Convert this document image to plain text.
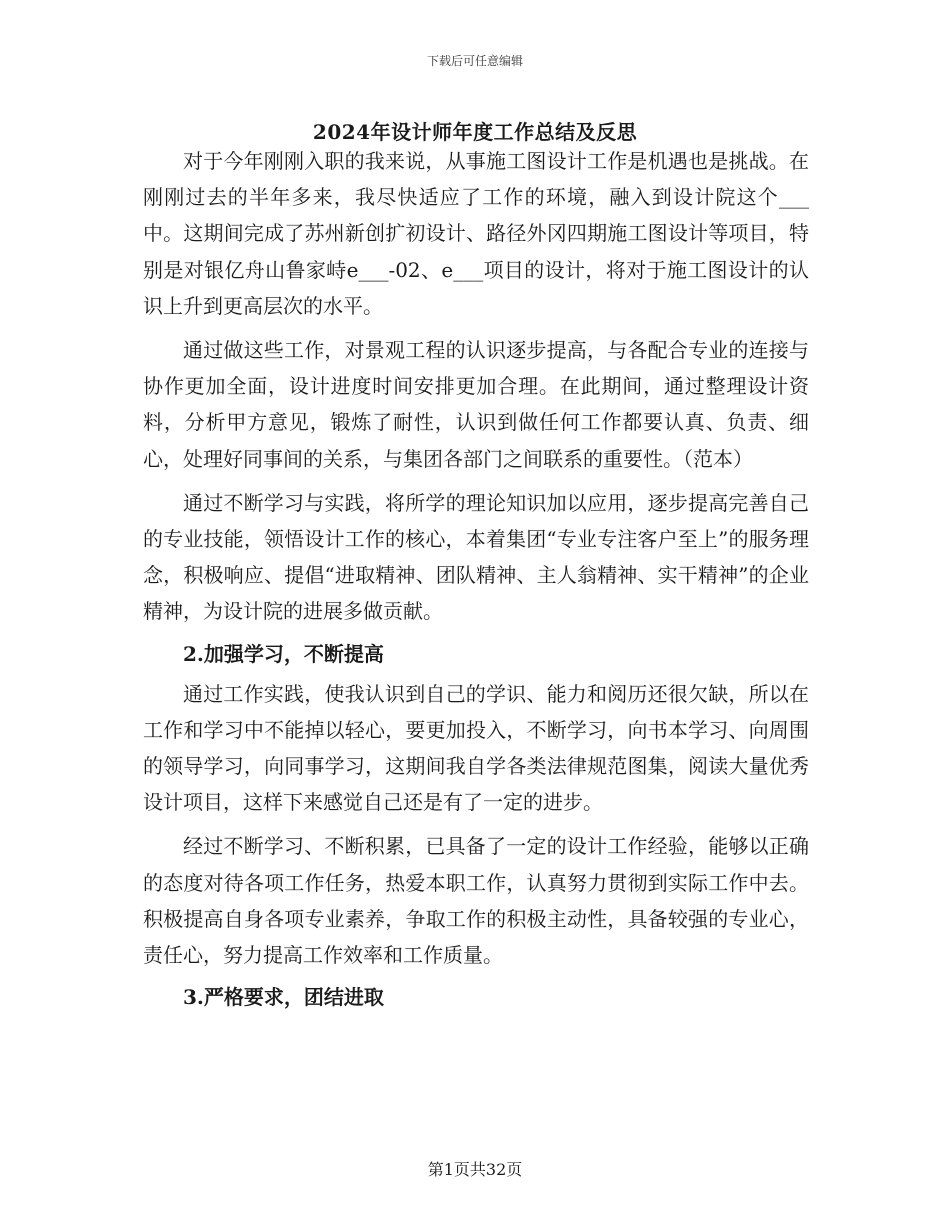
下载后可任意编辑
2024年设计师年度工作总结及反思

对于今年刚刚入职的我来说，从事施工图设计工作是机遇也是挑战。在刚刚过去的半年多来，我尽快适应了工作的环境，融入到设计院这个___中。这期间完成了苏州新创扩初设计、路径外冈四期施工图设计等项目，特别是对银亿舟山鲁家峙e___-02、e___项目的设计，将对于施工图设计的认识上升到更高层次的水平。

通过做这些工作，对景观工程的认识逐步提高，与各配合专业的连接与协作更加全面，设计进度时间安排更加合理。在此期间，通过整理设计资料，分析甲方意见，锻炼了耐性，认识到做任何工作都要认真、负责、细心，处理好同事间的关系，与集团各部门之间联系的重要性。（范本）

通过不断学习与实践，将所学的理论知识加以应用，逐步提高完善自己的专业技能，领悟设计工作的核心，本着集团“专业专注客户至上”的服务理念，积极响应、提倡“进取精神、团队精神、主人翁精神、实干精神”的企业精神，为设计院的进展多做贡献。

2.加强学习，不断提高

通过工作实践，使我认识到自己的学识、能力和阅历还很欠缺，所以在工作和学习中不能掉以轻心，要更加投入，不断学习，向书本学习、向周围的领导学习，向同事学习，这期间我自学各类法律规范图集，阅读大量优秀设计项目，这样下来感觉自己还是有了一定的进步。

经过不断学习、不断积累，已具备了一定的设计工作经验，能够以正确的态度对待各项工作任务，热爱本职工作，认真努力贯彻到实际工作中去。积极提高自身各项专业素养，争取工作的积极主动性，具备较强的专业心，责任心，努力提高工作效率和工作质量。

3.严格要求，团结进取
第1页共32页
